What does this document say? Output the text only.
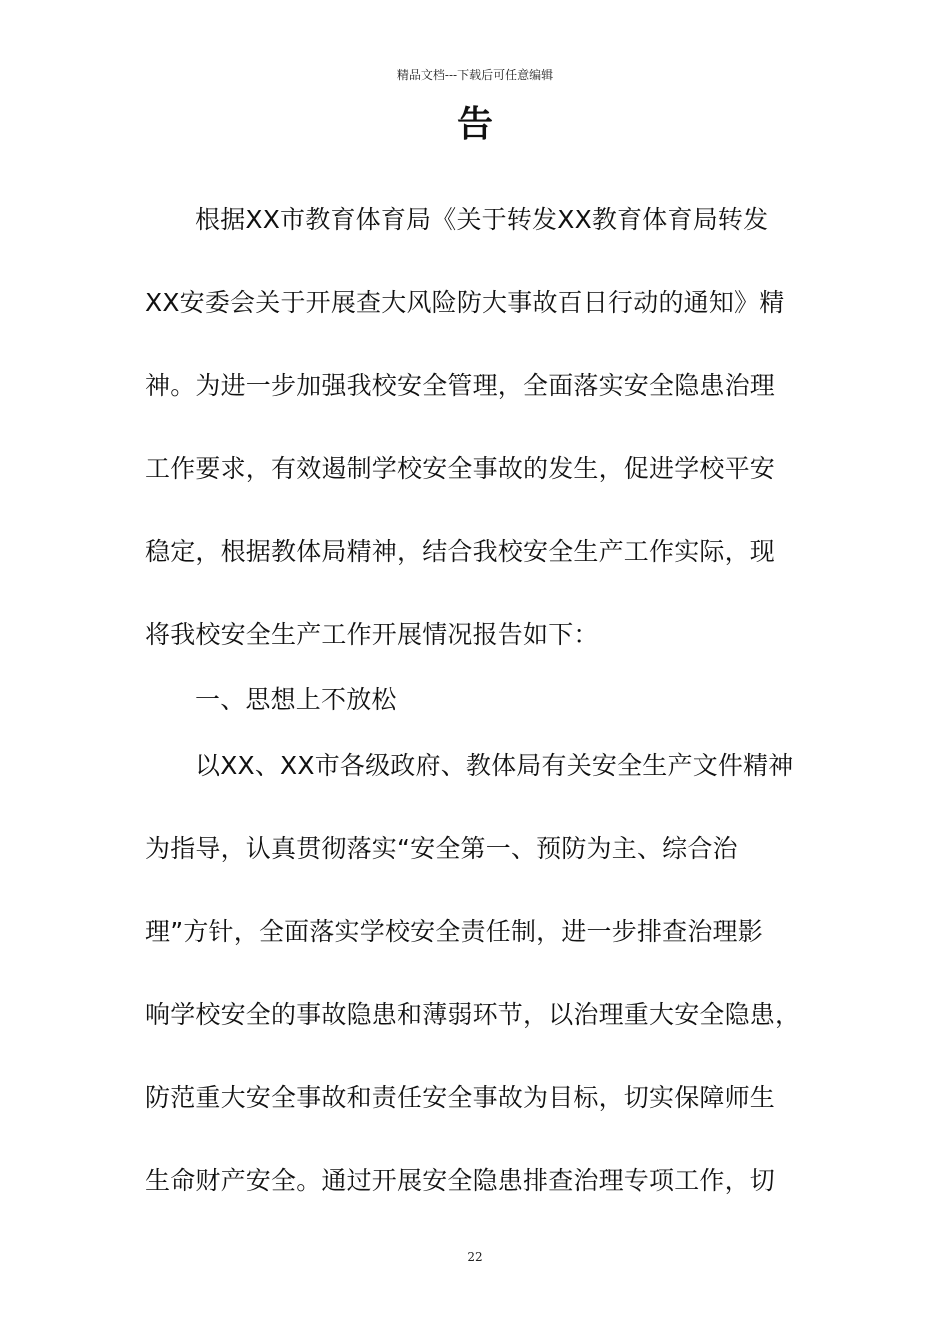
精品文档---下载后可任意编辑
告
根据XX市教育体育局《关于转发XX教育体育局转发
XX安委会关于开展查大风险防大事故百日行动的通知》精
神。为进一步加强我校安全管理，全面落实安全隐患治理
工作要求，有效遏制学校安全事故的发生，促进学校平安
稳定，根据教体局精神，结合我校安全生产工作实际，现
将我校安全生产工作开展情况报告如下：
一、思想上不放松
以XX、XX市各级政府、教体局有关安全生产文件精神
为指导，认真贯彻落实“安全第一、预防为主、综合治
理”方针，全面落实学校安全责任制，进一步排查治理影
响学校安全的事故隐患和薄弱环节，以治理重大安全隐患，
防范重大安全事故和责任安全事故为目标，切实保障师生
生命财产安全。通过开展安全隐患排查治理专项工作，切
22
